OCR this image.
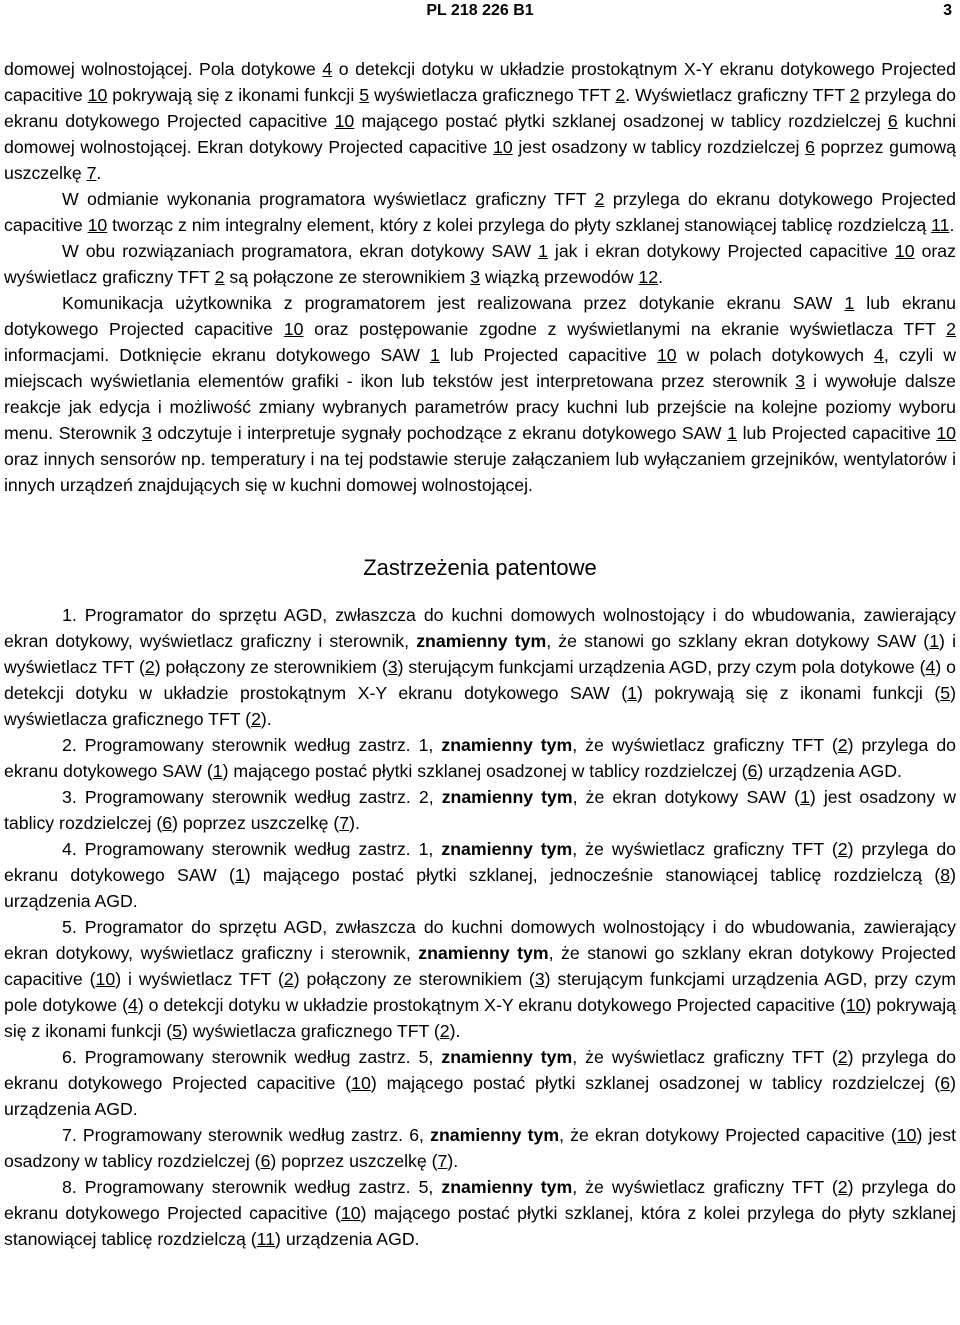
PL 218 226 B1	3

domowej wolnostojącej. Pola dotykowe 4 o detekcji dotyku w układzie prostokątnym X-Y ekranu dotykowego Projected capacitive 10 pokrywają się z ikonami funkcji 5 wyświetlacza graficznego TFT 2. Wyświetlacz graficzny TFT 2 przylega do ekranu dotykowego Projected capacitive 10 mającego postać płytki szklanej osadzonej w tablicy rozdzielczej 6 kuchni domowej wolnostojącej. Ekran dotykowy Projected capacitive 10 jest osadzony w tablicy rozdzielczej 6 poprzez gumową uszczelkę 7.

W odmianie wykonania programatora wyświetlacz graficzny TFT 2 przylega do ekranu dotykowego Projected capacitive 10 tworząc z nim integralny element, który z kolei przylega do płyty szklanej stanowiącej tablicę rozdzielczą 11.

W obu rozwiązaniach programatora, ekran dotykowy SAW 1 jak i ekran dotykowy Projected capacitive 10 oraz wyświetlacz graficzny TFT 2 są połączone ze sterownikiem 3 wiązką przewodów 12.

Komunikacja użytkownika z programatorem jest realizowana przez dotykanie ekranu SAW 1 lub ekranu dotykowego Projected capacitive 10 oraz postępowanie zgodne z wyświetlanymi na ekranie wyświetlacza TFT 2 informacjami. Dotknięcie ekranu dotykowego SAW 1 lub Projected capacitive 10 w polach dotykowych 4, czyli w miejscach wyświetlania elementów grafiki - ikon lub tekstów jest interpretowana przez sterownik 3 i wywołuje dalsze reakcje jak edycja i możliwość zmiany wybranych parametrów pracy kuchni lub przejście na kolejne poziomy wyboru menu. Sterownik 3 odczytuje i interpretuje sygnały pochodzące z ekranu dotykowego SAW 1 lub Projected capacitive 10 oraz innych sensorów np. temperatury i na tej podstawie steruje załączaniem lub wyłączaniem grzejników, wentylatorów i innych urządzeń znajdujących się w kuchni domowej wolnostojącej.

Zastrzeżenia patentowe

1. Programator do sprzętu AGD, zwłaszcza do kuchni domowych wolnostojący i do wbudowania, zawierający ekran dotykowy, wyświetlacz graficzny i sterownik, znamienny tym, że stanowi go szklany ekran dotykowy SAW (1) i wyświetlacz TFT (2) połączony ze sterownikiem (3) sterującym funkcjami urządzenia AGD, przy czym pola dotykowe (4) o detekcji dotyku w układzie prostokątnym X-Y ekranu dotykowego SAW (1) pokrywają się z ikonami funkcji (5) wyświetlacza graficznego TFT (2).

2. Programowany sterownik według zastrz. 1, znamienny tym, że wyświetlacz graficzny TFT (2) przylega do ekranu dotykowego SAW (1) mającego postać płytki szklanej osadzonej w tablicy rozdzielczej (6) urządzenia AGD.

3. Programowany sterownik według zastrz. 2, znamienny tym, że ekran dotykowy SAW (1) jest osadzony w tablicy rozdzielczej (6) poprzez uszczelkę (7).

4. Programowany sterownik według zastrz. 1, znamienny tym, że wyświetlacz graficzny TFT (2) przylega do ekranu dotykowego SAW (1) mającego postać płytki szklanej, jednocześnie stanowiącej tablicę rozdzielczą (8) urządzenia AGD.

5. Programator do sprzętu AGD, zwłaszcza do kuchni domowych wolnostojący i do wbudowania, zawierający ekran dotykowy, wyświetlacz graficzny i sterownik, znamienny tym, że stanowi go szklany ekran dotykowy Projected capacitive (10) i wyświetlacz TFT (2) połączony ze sterownikiem (3) sterującym funkcjami urządzenia AGD, przy czym pole dotykowe (4) o detekcji dotyku w układzie prostokątnym X-Y ekranu dotykowego Projected capacitive (10) pokrywają się z ikonami funkcji (5) wyświetlacza graficznego TFT (2).

6. Programowany sterownik według zastrz. 5, znamienny tym, że wyświetlacz graficzny TFT (2) przylega do ekranu dotykowego Projected capacitive (10) mającego postać płytki szklanej osadzonej w tablicy rozdzielczej (6) urządzenia AGD.

7. Programowany sterownik według zastrz. 6, znamienny tym, że ekran dotykowy Projected capacitive (10) jest osadzony w tablicy rozdzielczej (6) poprzez uszczelkę (7).

8. Programowany sterownik według zastrz. 5, znamienny tym, że wyświetlacz graficzny TFT (2) przylega do ekranu dotykowego Projected capacitive (10) mającego postać płytki szklanej, która z kolei przylega do płyty szklanej stanowiącej tablicę rozdzielczą (11) urządzenia AGD.
